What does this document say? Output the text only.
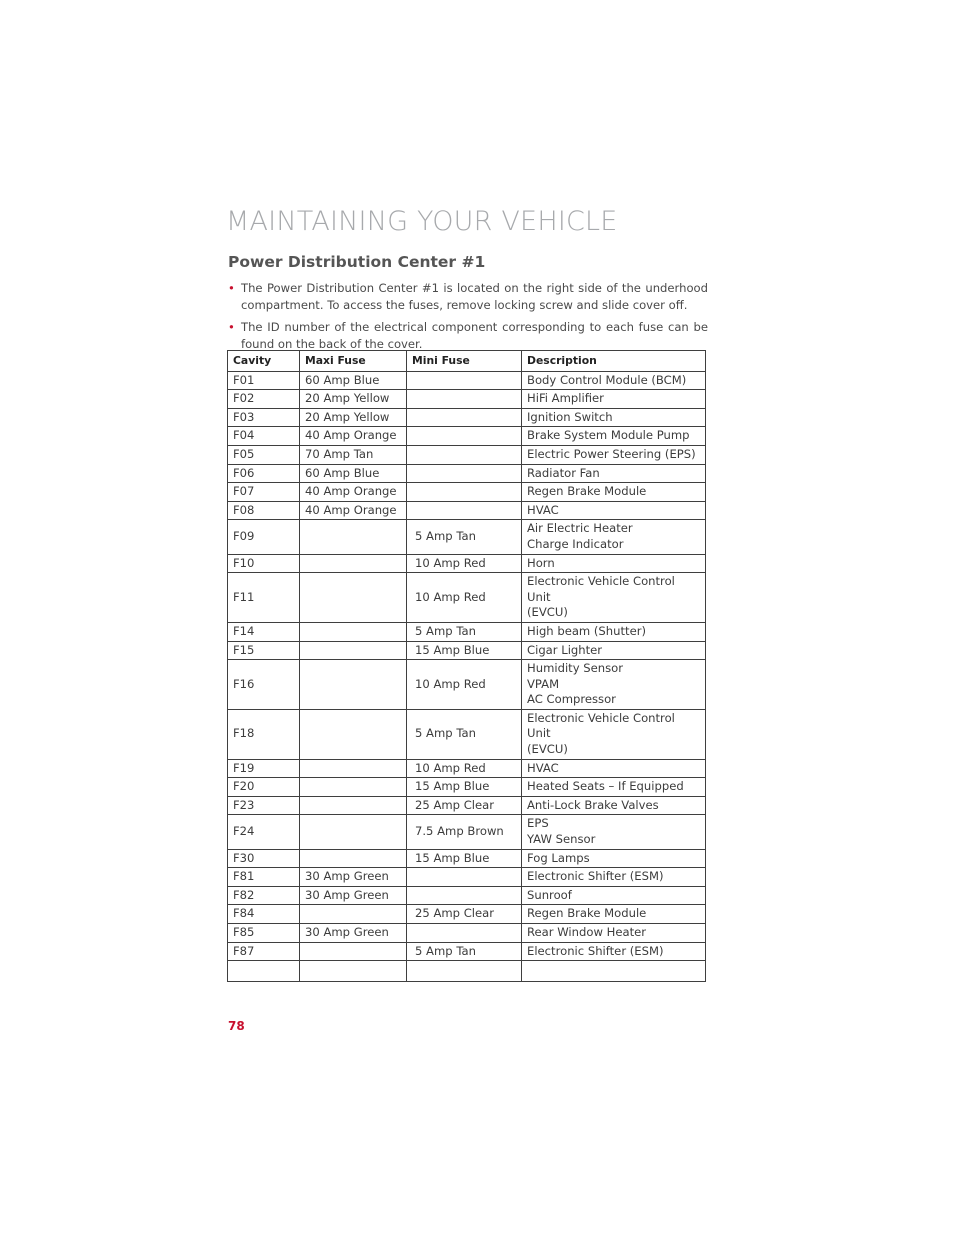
MAINTAINING YOUR VEHICLE
Power Distribution Center #1
• The Power Distribution Center #1 is located on the right side of the underhood compartment. To access the fuses, remove locking screw and slide cover off.
• The ID number of the electrical component corresponding to each fuse can be found on the back of the cover.
Cavity	Maxi Fuse	Mini Fuse	Description
F01	60 Amp Blue		Body Control Module (BCM)
F02	20 Amp Yellow		HiFi Amplifier
F03	20 Amp Yellow		Ignition Switch
F04	40 Amp Orange		Brake System Module Pump
F05	70 Amp Tan		Electric Power Steering (EPS)
F06	60 Amp Blue		Radiator Fan
F07	40 Amp Orange		Regen Brake Module
F08	40 Amp Orange		HVAC
F09		5 Amp Tan	Air Electric Heater
Charge Indicator
F10		10 Amp Red	Horn
F11		10 Amp Red	Electronic Vehicle Control Unit
(EVCU)
F14		5 Amp Tan	High beam (Shutter)
F15		15 Amp Blue	Cigar Lighter
F16		10 Amp Red	Humidity Sensor
VPAM
AC Compressor
F18		5 Amp Tan	Electronic Vehicle Control Unit
(EVCU)
F19		10 Amp Red	HVAC
F20		15 Amp Blue	Heated Seats – If Equipped
F23		25 Amp Clear	Anti-Lock Brake Valves
F24		7.5 Amp Brown	EPS
YAW Sensor
F30		15 Amp Blue	Fog Lamps
F81	30 Amp Green		Electronic Shifter (ESM)
F82	30 Amp Green		Sunroof
F84		25 Amp Clear	Regen Brake Module
F85	30 Amp Green		Rear Window Heater
F87		5 Amp Tan	Electronic Shifter (ESM)

78
